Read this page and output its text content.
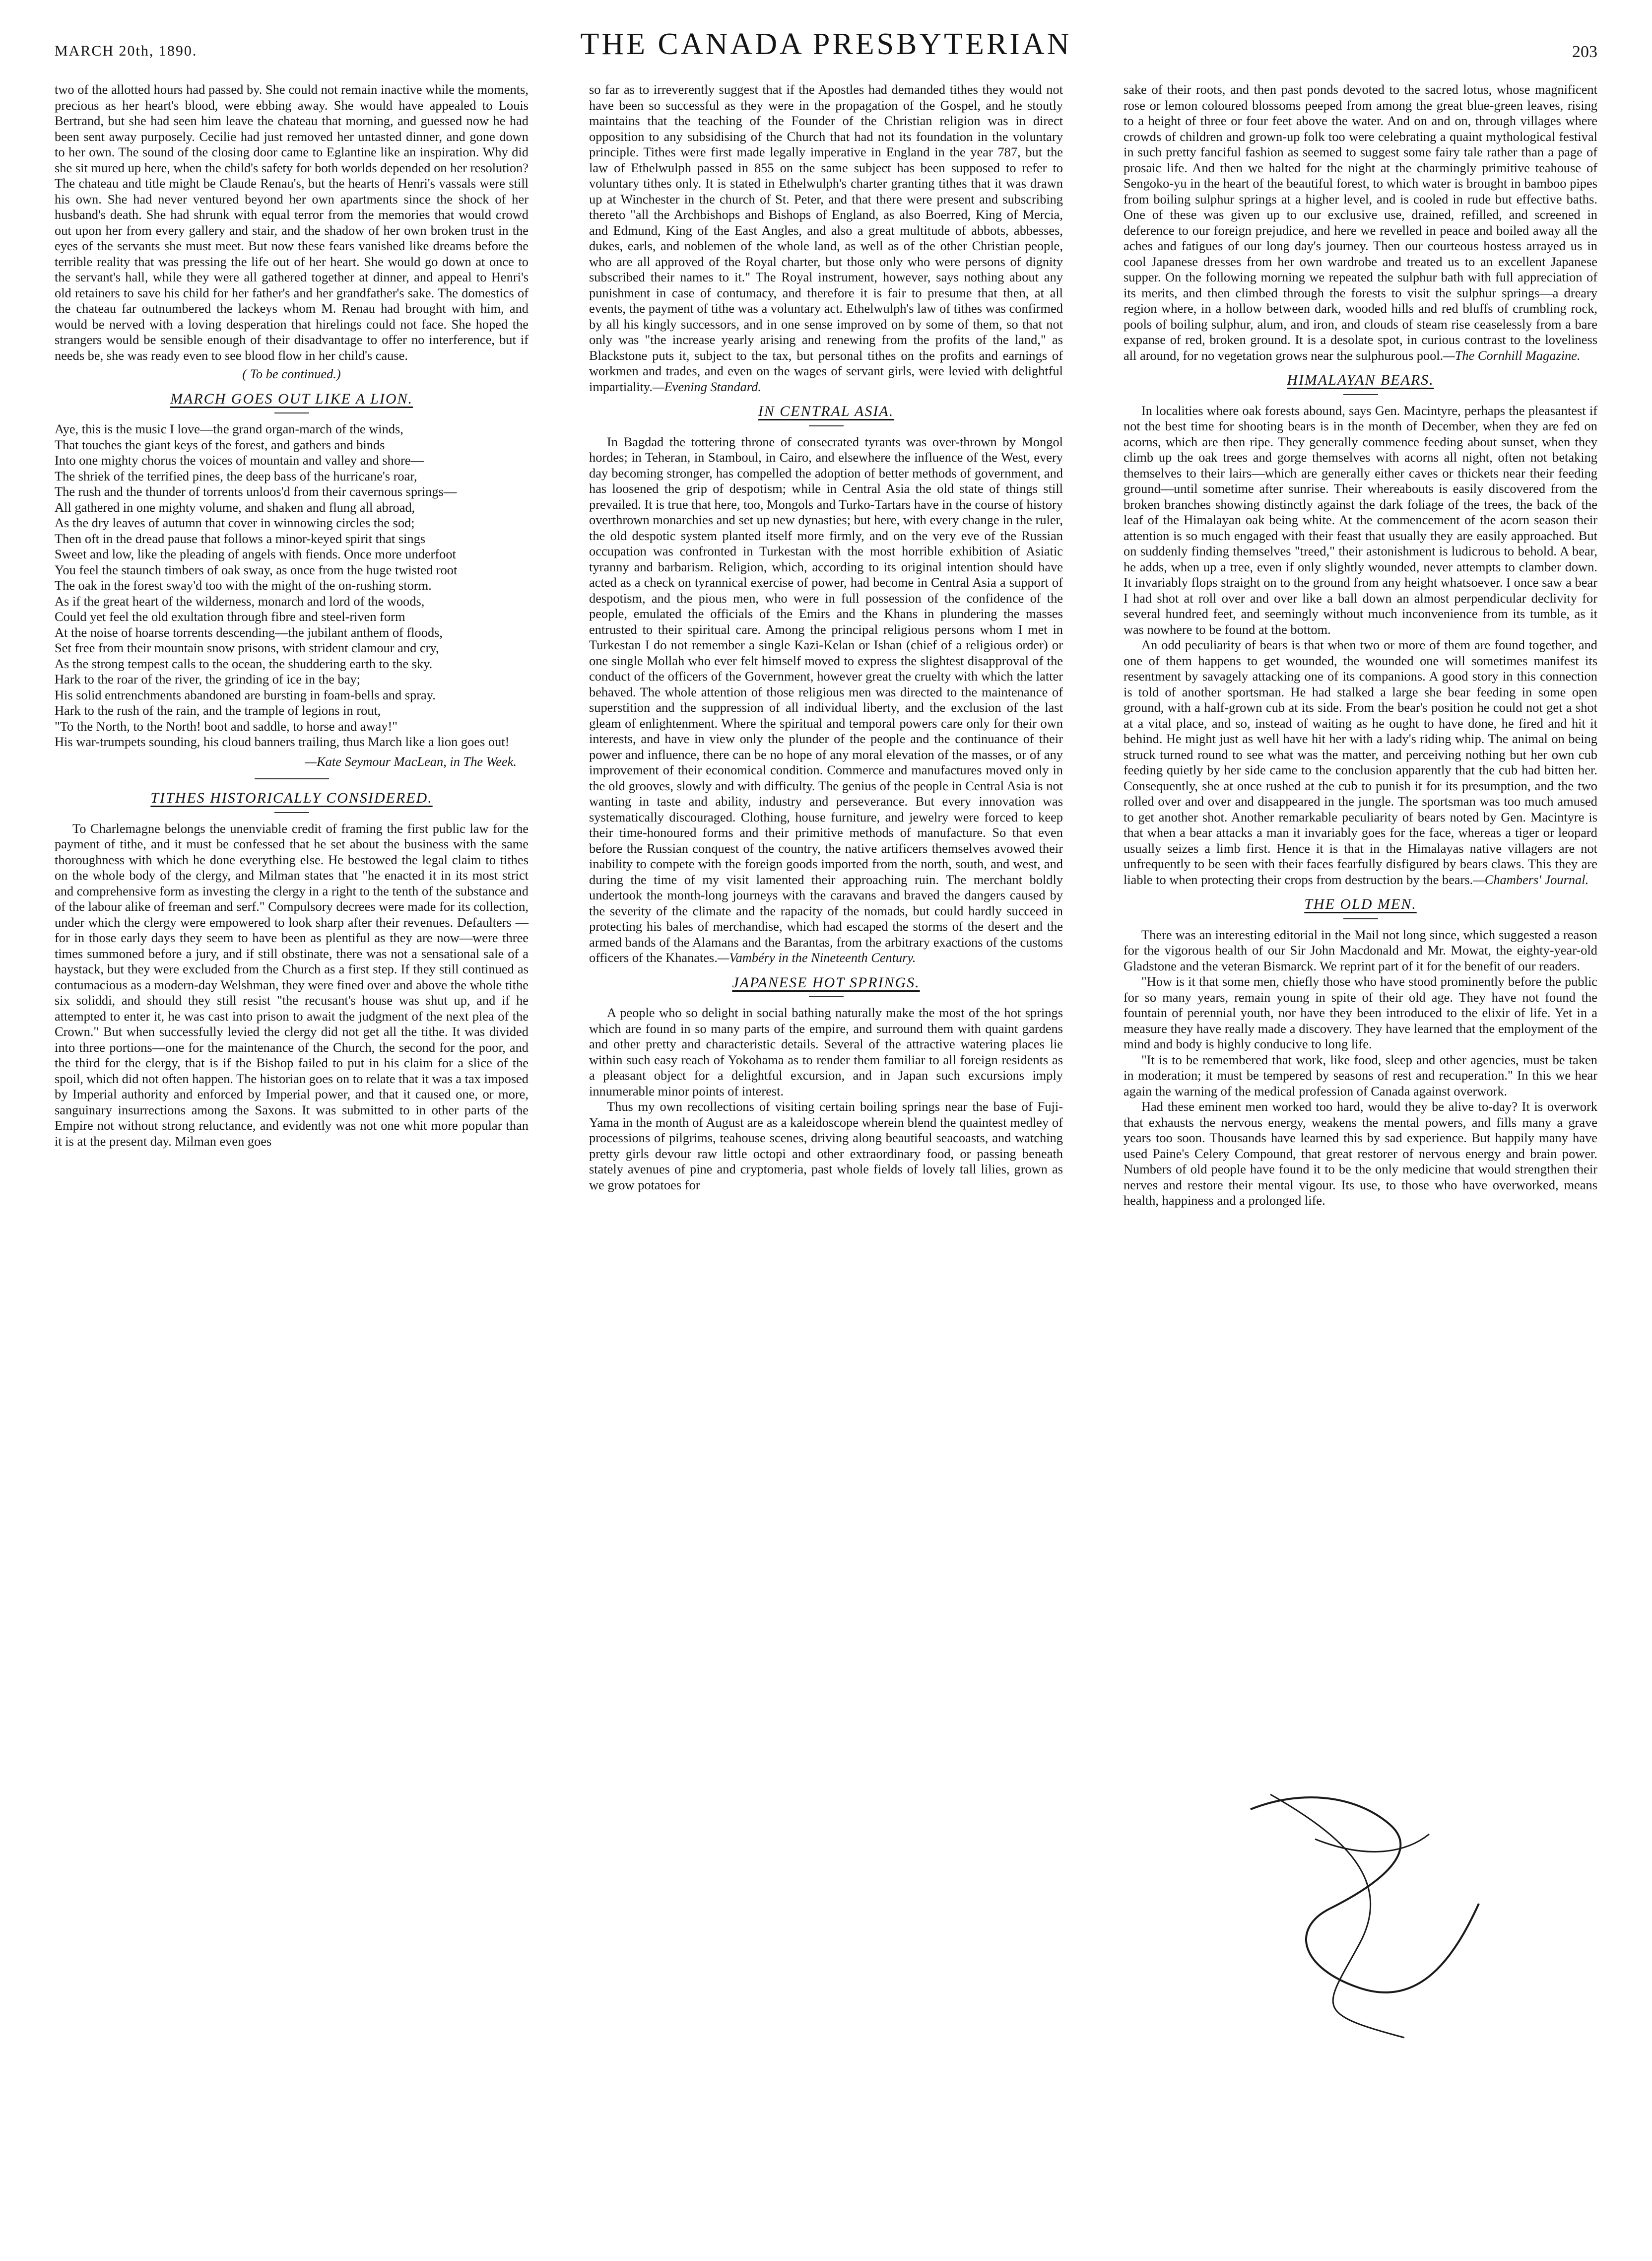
MARCH 20th, 1890.	THE CANADA PRESBYTERIAN	203

two of the allotted hours had passed by. She could not remain inactive while the moments, precious as her heart's blood, were ebbing away. She would have appealed to Louis Bertrand, but she had seen him leave the chateau that morning, and guessed now he had been sent away purposely. Cecilie had just removed her untasted dinner, and gone down to her own. The sound of the closing door came to Eglantine like an inspiration. Why did she sit mured up here, when the child's safety for both worlds depended on her resolution? The chateau and title might be Claude Renau's, but the hearts of Henri's vassals were still his own. She had never ventured beyond her own apartments since the shock of her husband's death. She had shrunk with equal terror from the memories that would crowd out upon her from every gallery and stair, and the shadow of her own broken trust in the eyes of the servants she must meet. But now these fears vanished like dreams before the terrible reality that was pressing the life out of her heart. She would go down at once to the servant's hall, while they were all gathered together at dinner, and appeal to Henri's old retainers to save his child for her father's and her grandfather's sake. The domestics of the chateau far outnumbered the lackeys whom M. Renau had brought with him, and would be nerved with a loving desperation that hirelings could not face. She hoped the strangers would be sensible enough of their disadvantage to offer no interference, but if needs be, she was ready even to see blood flow in her child's cause.

( To be continued.)
MARCH GOES OUT LIKE A LION.

Aye, this is the music I love—the grand organ-march of the winds,

That touches the giant keys of the forest, and gathers and binds

Into one mighty chorus the voices of mountain and valley and shore—

The shriek of the terrified pines, the deep bass of the hurricane's roar,

The rush and the thunder of torrents unloos'd from their cavernous springs—

All gathered in one mighty volume, and shaken and flung all abroad,

As the dry leaves of autumn that cover in winnowing circles the sod;

Then oft in the dread pause that follows a minor-keyed spirit that sings

Sweet and low, like the pleading of angels with fiends. Once more underfoot

You feel the staunch timbers of oak sway, as once from the huge twisted root

The oak in the forest sway'd too with the might of the on-rushing storm.

As if the great heart of the wilderness, monarch and lord of the woods,

Could yet feel the old exultation through fibre and steel-riven form

At the noise of hoarse torrents descending—the jubilant anthem of floods,

Set free from their mountain snow prisons, with strident clamour and cry,

As the strong tempest calls to the ocean, the shuddering earth to the sky.

Hark to the roar of the river, the grinding of ice in the bay;

His solid entrenchments abandoned are bursting in foam-bells and spray.

Hark to the rush of the rain, and the trample of legions in rout,

"To the North, to the North! boot and saddle, to horse and away!"

His war-trumpets sounding, his cloud banners trailing, thus March like a lion goes out!

—Kate Seymour MacLean, in The Week.
TITHES HISTORICALLY CONSIDERED.

To Charlemagne belongs the unenviable credit of framing the first public law for the payment of tithe, and it must be confessed that he set about the business with the same thoroughness with which he done everything else. He bestowed the legal claim to tithes on the whole body of the clergy, and Milman states that "he enacted it in its most strict and comprehensive form as investing the clergy in a right to the tenth of the substance and of the labour alike of freeman and serf." Compulsory decrees were made for its collection, under which the clergy were empowered to look sharp after their revenues. Defaulters —for in those early days they seem to have been as plentiful as they are now—were three times summoned before a jury, and if still obstinate, there was not a sensational sale of a haystack, but they were excluded from the Church as a first step. If they still continued as contumacious as a modern-day Welshman, they were fined over and above the whole tithe six soliddi, and should they still resist "the recusant's house was shut up, and if he attempted to enter it, he was cast into prison to await the judgment of the next plea of the Crown." But when successfully levied the clergy did not get all the tithe. It was divided into three portions—one for the maintenance of the Church, the second for the poor, and the third for the clergy, that is if the Bishop failed to put in his claim for a slice of the spoil, which did not often happen. The historian goes on to relate that it was a tax imposed by Imperial authority and enforced by Imperial power, and that it caused one, or more, sanguinary insurrections among the Saxons. It was submitted to in other parts of the Empire not without strong reluctance, and evidently was not one whit more popular than it is at the present day. Milman even goes

so far as to irreverently suggest that if the Apostles had demanded tithes they would not have been so successful as they were in the propagation of the Gospel, and he stoutly maintains that the teaching of the Founder of the Christian religion was in direct opposition to any subsidising of the Church that had not its foundation in the voluntary principle. Tithes were first made legally imperative in England in the year 787, but the law of Ethelwulph passed in 855 on the same subject has been supposed to refer to voluntary tithes only. It is stated in Ethelwulph's charter granting tithes that it was drawn up at Winchester in the church of St. Peter, and that there were present and subscribing thereto "all the Archbishops and Bishops of England, as also Boerred, King of Mercia, and Edmund, King of the East Angles, and also a great multitude of abbots, abbesses, dukes, earls, and noblemen of the whole land, as well as of the other Christian people, who are all approved of the Royal charter, but those only who were persons of dignity subscribed their names to it." The Royal instrument, however, says nothing about any punishment in case of contumacy, and therefore it is fair to presume that then, at all events, the payment of tithe was a voluntary act. Ethelwulph's law of tithes was confirmed by all his kingly successors, and in one sense improved on by some of them, so that not only was "the increase yearly arising and renewing from the profits of the land," as Blackstone puts it, subject to the tax, but personal tithes on the profits and earnings of workmen and trades, and even on the wages of servant girls, were levied with delightful impartiality.—Evening Standard.

IN CENTRAL ASIA.

In Bagdad the tottering throne of consecrated tyrants was over-thrown by Mongol hordes; in Teheran, in Stamboul, in Cairo, and elsewhere the influence of the West, every day becoming stronger, has compelled the adoption of better methods of government, and has loosened the grip of despotism; while in Central Asia the old state of things still prevailed. It is true that here, too, Mongols and Turko-Tartars have in the course of history overthrown monarchies and set up new dynasties; but here, with every change in the ruler, the old despotic system planted itself more firmly, and on the very eve of the Russian occupation was confronted in Turkestan with the most horrible exhibition of Asiatic tyranny and barbarism. Religion, which, according to its original intention should have acted as a check on tyrannical exercise of power, had become in Central Asia a support of despotism, and the pious men, who were in full possession of the confidence of the people, emulated the officials of the Emirs and the Khans in plundering the masses entrusted to their spiritual care. Among the principal religious persons whom I met in Turkestan I do not remember a single Kazi-Kelan or Ishan (chief of a religious order) or one single Mollah who ever felt himself moved to express the slightest disapproval of the conduct of the officers of the Government, however great the cruelty with which the latter behaved. The whole attention of those religious men was directed to the maintenance of superstition and the suppression of all individual liberty, and the exclusion of the last gleam of enlightenment. Where the spiritual and temporal powers care only for their own interests, and have in view only the plunder of the people and the continuance of their power and influence, there can be no hope of any moral elevation of the masses, or of any improvement of their economical condition. Commerce and manufactures moved only in the old grooves, slowly and with difficulty. The genius of the people in Central Asia is not wanting in taste and ability, industry and perseverance. But every innovation was systematically discouraged. Clothing, house furniture, and jewelry were forced to keep their time-honoured forms and their primitive methods of manufacture. So that even before the Russian conquest of the country, the native artificers themselves avowed their inability to compete with the foreign goods imported from the north, south, and west, and during the time of my visit lamented their approaching ruin. The merchant boldly undertook the month-long journeys with the caravans and braved the dangers caused by the severity of the climate and the rapacity of the nomads, but could hardly succeed in protecting his bales of merchandise, which had escaped the storms of the desert and the armed bands of the Alamans and the Barantas, from the arbitrary exactions of the customs officers of the Khanates.—Vambéry in the Nineteenth Century.

JAPANESE HOT SPRINGS.

A people who so delight in social bathing naturally make the most of the hot springs which are found in so many parts of the empire, and surround them with quaint gardens and other pretty and characteristic details. Several of the attractive watering places lie within such easy reach of Yokohama as to render them familiar to all foreign residents as a pleasant object for a delightful excursion, and in Japan such excursions imply innumerable minor points of interest.

Thus my own recollections of visiting certain boiling springs near the base of Fuji-Yama in the month of August are as a kaleidoscope wherein blend the quaintest medley of processions of pilgrims, teahouse scenes, driving along beautiful seacoasts, and watching pretty girls devour raw little octopi and other extraordinary food, or passing beneath stately avenues of pine and cryptomeria, past whole fields of lovely tall lilies, grown as we grow potatoes for

sake of their roots, and then past ponds devoted to the sacred lotus, whose magnificent rose or lemon coloured blossoms peeped from among the great blue-green leaves, rising to a height of three or four feet above the water. And on and on, through villages where crowds of children and grown-up folk too were celebrating a quaint mythological festival in such pretty fanciful fashion as seemed to suggest some fairy tale rather than a page of prosaic life. And then we halted for the night at the charmingly primitive teahouse of Sengoko-yu in the heart of the beautiful forest, to which water is brought in bamboo pipes from boiling sulphur springs at a higher level, and is cooled in rude but effective baths. One of these was given up to our exclusive use, drained, refilled, and screened in deference to our foreign prejudice, and here we revelled in peace and boiled away all the aches and fatigues of our long day's journey. Then our courteous hostess arrayed us in cool Japanese dresses from her own wardrobe and treated us to an excellent Japanese supper. On the following morning we repeated the sulphur bath with full appreciation of its merits, and then climbed through the forests to visit the sulphur springs—a dreary region where, in a hollow between dark, wooded hills and red bluffs of crumbling rock, pools of boiling sulphur, alum, and iron, and clouds of steam rise ceaselessly from a bare expanse of red, broken ground. It is a desolate spot, in curious contrast to the loveliness all around, for no vegetation grows near the sulphurous pool.—The Cornhill Magazine.

HIMALAYAN BEARS.

In localities where oak forests abound, says Gen. Macintyre, perhaps the pleasantest if not the best time for shooting bears is in the month of December, when they are fed on acorns, which are then ripe. They generally commence feeding about sunset, when they climb up the oak trees and gorge themselves with acorns all night, often not betaking themselves to their lairs—which are generally either caves or thickets near their feeding ground—until sometime after sunrise. Their whereabouts is easily discovered from the broken branches showing distinctly against the dark foliage of the trees, the back of the leaf of the Himalayan oak being white. At the commencement of the acorn season their attention is so much engaged with their feast that usually they are easily approached. But on suddenly finding themselves "treed," their astonishment is ludicrous to behold. A bear, he adds, when up a tree, even if only slightly wounded, never attempts to clamber down. It invariably flops straight on to the ground from any height whatsoever. I once saw a bear I had shot at roll over and over like a ball down an almost perpendicular declivity for several hundred feet, and seemingly without much inconvenience from its tumble, as it was nowhere to be found at the bottom.

An odd peculiarity of bears is that when two or more of them are found together, and one of them happens to get wounded, the wounded one will sometimes manifest its resentment by savagely attacking one of its companions. A good story in this connection is told of another sportsman. He had stalked a large she bear feeding in some open ground, with a half-grown cub at its side. From the bear's position he could not get a shot at a vital place, and so, instead of waiting as he ought to have done, he fired and hit it behind. He might just as well have hit her with a lady's riding whip. The animal on being struck turned round to see what was the matter, and perceiving nothing but her own cub feeding quietly by her side came to the conclusion apparently that the cub had bitten her. Consequently, she at once rushed at the cub to punish it for its presumption, and the two rolled over and over and disappeared in the jungle. The sportsman was too much amused to get another shot. Another remarkable peculiarity of bears noted by Gen. Macintyre is that when a bear attacks a man it invariably goes for the face, whereas a tiger or leopard usually seizes a limb first. Hence it is that in the Himalayas native villagers are not unfrequently to be seen with their faces fearfully disfigured by bears claws. This they are liable to when protecting their crops from destruction by the bears.—Chambers' Journal.

THE OLD MEN.

There was an interesting editorial in the Mail not long since, which suggested a reason for the vigorous health of our Sir John Macdonald and Mr. Mowat, the eighty-year-old Gladstone and the veteran Bismarck. We reprint part of it for the benefit of our readers.

"How is it that some men, chiefly those who have stood prominently before the public for so many years, remain young in spite of their old age. They have not found the fountain of perennial youth, nor have they been introduced to the elixir of life. Yet in a measure they have really made a discovery. They have learned that the employment of the mind and body is highly conducive to long life.

"It is to be remembered that work, like food, sleep and other agencies, must be taken in moderation; it must be tempered by seasons of rest and recuperation." In this we hear again the warning of the medical profession of Canada against overwork.

Had these eminent men worked too hard, would they be alive to-day? It is overwork that exhausts the nervous energy, weakens the mental powers, and fills many a grave years too soon. Thousands have learned this by sad experience. But happily many have used Paine's Celery Compound, that great restorer of nervous energy and brain power. Numbers of old people have found it to be the only medicine that would strengthen their nerves and restore their mental vigour. Its use, to those who have overworked, means health, happiness and a prolonged life.
